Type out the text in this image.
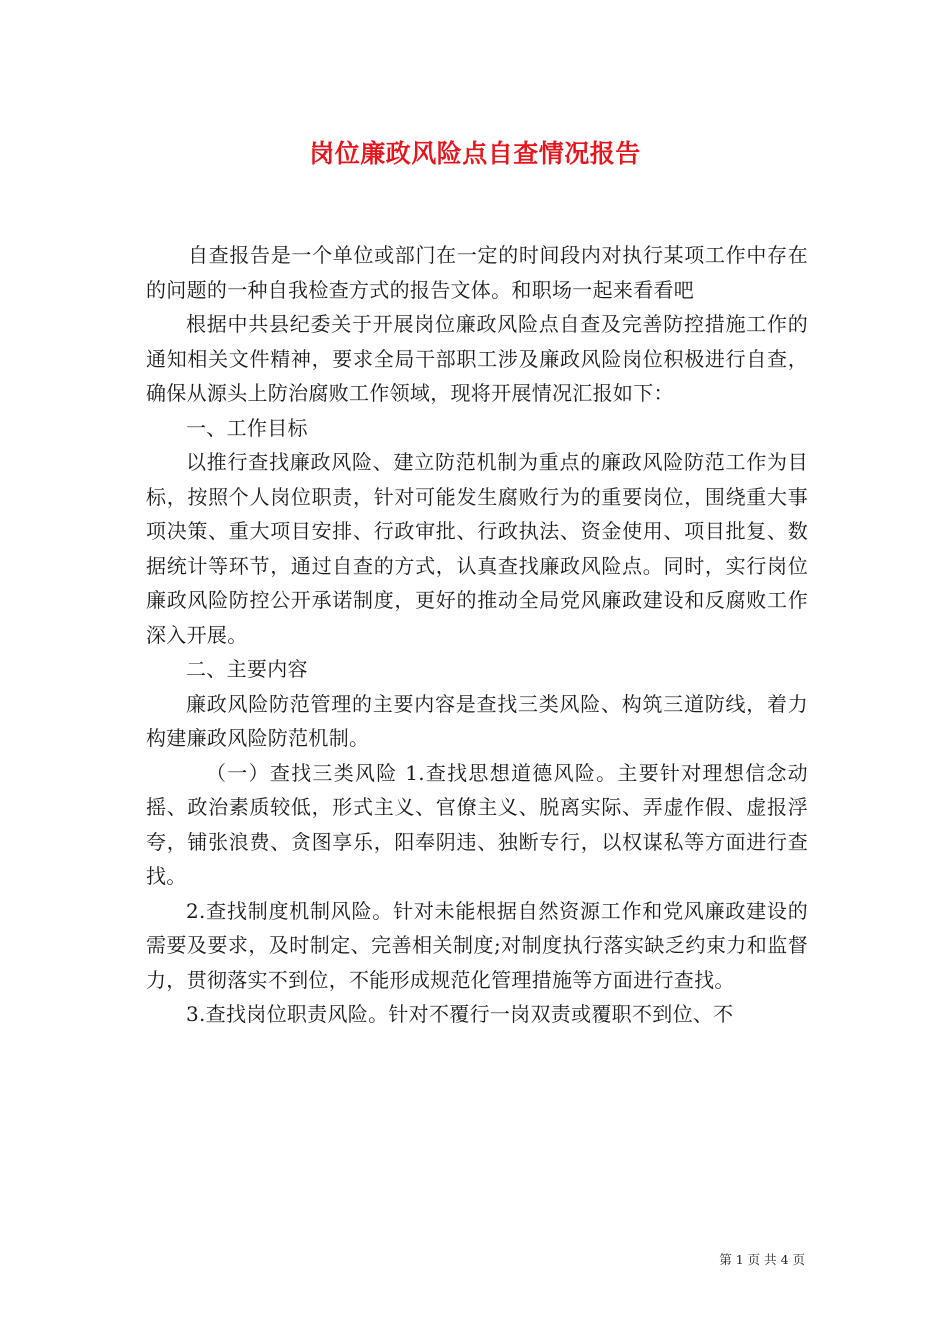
岗位廉政风险点自查情况报告

自查报告是一个单位或部门在一定的时间段内对执行某项工作中存在的问题的一种自我检查方式的报告文体。和职场一起来看看吧

根据中共县纪委关于开展岗位廉政风险点自查及完善防控措施工作的通知相关文件精神，要求全局干部职工涉及廉政风险岗位积极进行自查，确保从源头上防治腐败工作领域，现将开展情况汇报如下：

一、工作目标

以推行查找廉政风险、建立防范机制为重点的廉政风险防范工作为目标，按照个人岗位职责，针对可能发生腐败行为的重要岗位，围绕重大事项决策、重大项目安排、行政审批、行政执法、资金使用、项目批复、数据统计等环节，通过自查的方式，认真查找廉政风险点。同时，实行岗位廉政风险防控公开承诺制度，更好的推动全局党风廉政建设和反腐败工作深入开展。

二、主要内容

廉政风险防范管理的主要内容是查找三类风险、构筑三道防线，着力构建廉政风险防范机制。

（一）查找三类风险 1.查找思想道德风险。主要针对理想信念动摇、政治素质较低，形式主义、官僚主义、脱离实际、弄虚作假、虚报浮夸，铺张浪费、贪图享乐，阳奉阴违、独断专行，以权谋私等方面进行查找。

2.查找制度机制风险。针对未能根据自然资源工作和党风廉政建设的需要及要求，及时制定、完善相关制度;对制度执行落实缺乏约束力和监督力，贯彻落实不到位，不能形成规范化管理措施等方面进行查找。

3.查找岗位职责风险。针对不覆行一岗双责或覆职不到位、不

第 1 页 共 4 页
